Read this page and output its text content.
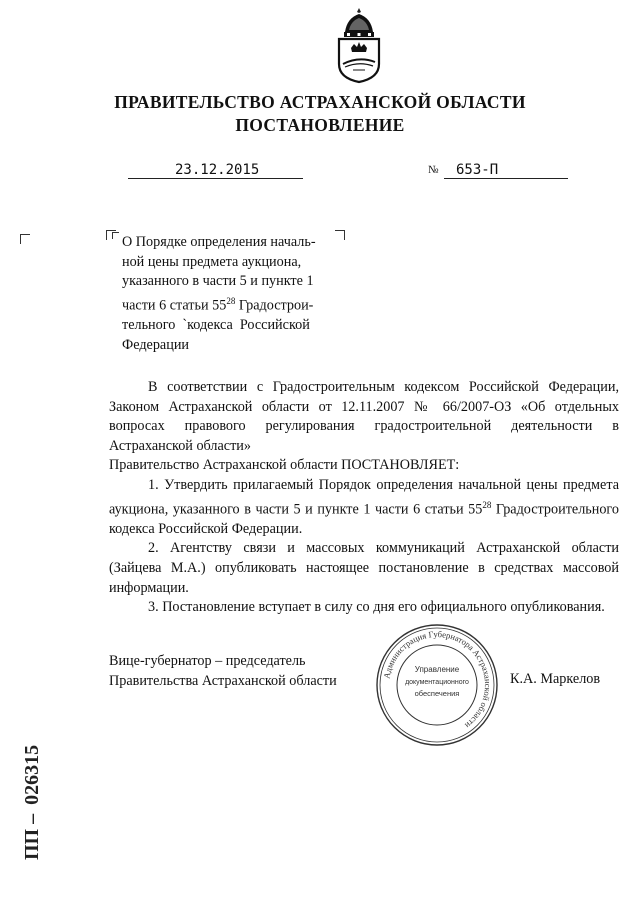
ПРАВИТЕЛЬСТВО АСТРАХАНСКОЙ ОБЛАСТИ
ПОСТАНОВЛЕНИЕ
23.12.2015	№ 653-П
О Порядке определения началь-
ной цены предмета аукциона,
указанного в части 5 и пункте 1
части 6 статьи $55^{28}$ Градострои-
тельного  ˋкодекса  Российской
Федерации

В соответствии с Градостроительным кодексом Российской Федерации, Законом Астраханской области от 12.11.2007 № 66/2007-ОЗ «Об отдельных вопросах правового регулирования градостроительной деятельности в Астраханской области»

Правительство Астраханской области ПОСТАНОВЛЯЕТ:

1. Утвердить прилагаемый Порядок определения начальной цены предмета аукциона, указанного в части 5 и пункте 1 части 6 статьи $55^{28}$ Градостроительного кодекса Российской Федерации.

2. Агентству связи и массовых коммуникаций Астраханской области (Зайцева М.А.) опубликовать настоящее постановление в средствах массовой информации.

3. Постановление вступает в силу со дня его официального опубликования.

Вице-губернатор – председатель
Правительства Астраханской области	К.А. Маркелов
Администрация Губернатора Астраханской области
Управление
документационного
обеспечения
ПП – 026315
